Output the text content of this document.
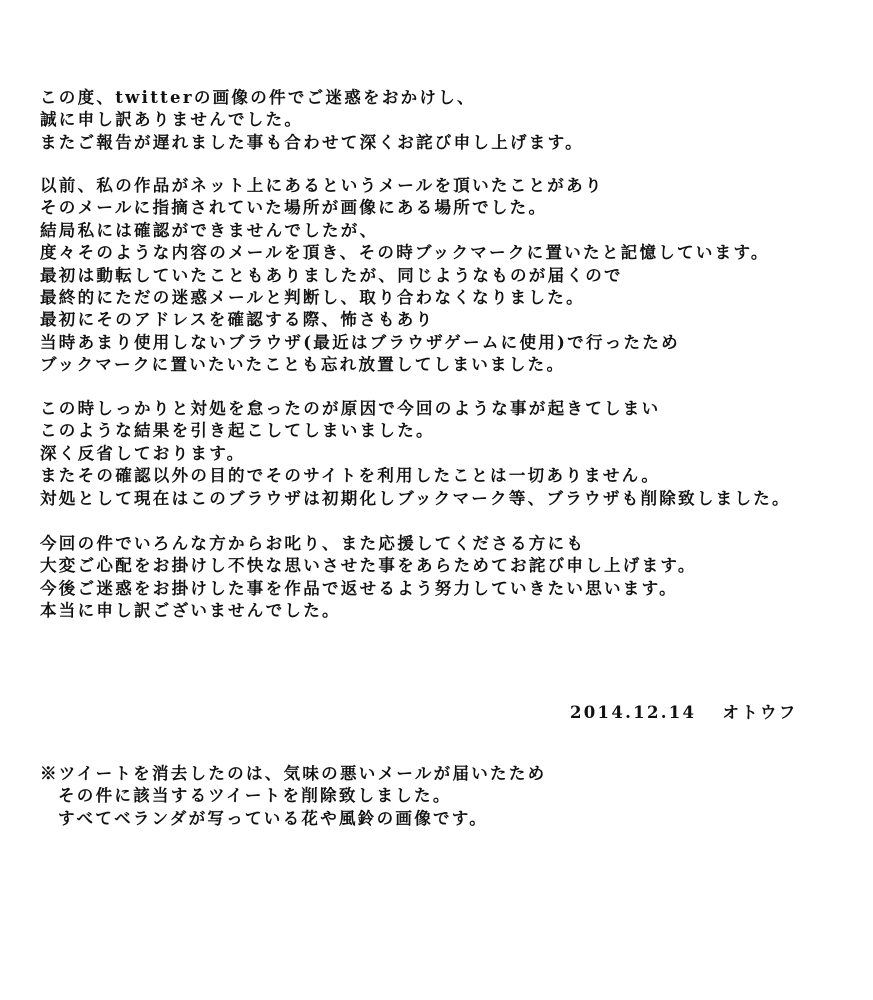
この度、twitterの画像の件でご迷惑をおかけし、
誠に申し訳ありませんでした。
またご報告が遅れました事も合わせて深くお詫び申し上げます。
以前、私の作品がネット上にあるというメールを頂いたことがあり
そのメールに指摘されていた場所が画像にある場所でした。
結局私には確認ができませんでしたが、
度々そのような内容のメールを頂き、その時ブックマークに置いたと記憶しています。
最初は動転していたこともありましたが、同じようなものが届くので
最終的にただの迷惑メールと判断し、取り合わなくなりました。
最初にそのアドレスを確認する際、怖さもあり
当時あまり使用しないブラウザ(最近はブラウザゲームに使用)で行ったため
ブックマークに置いたいたことも忘れ放置してしまいました。
この時しっかりと対処を怠ったのが原因で今回のような事が起きてしまい
このような結果を引き起こしてしまいました。
深く反省しております。
またその確認以外の目的でそのサイトを利用したことは一切ありません。
対処として現在はこのブラウザは初期化しブックマーク等、ブラウザも削除致しました。
今回の件でいろんな方からお叱り、また応援してくださる方にも
大変ご心配をお掛けし不快な思いさせた事をあらためてお詫び申し上げます。
今後ご迷惑をお掛けした事を作品で返せるよう努力していきたい思います。
本当に申し訳ございませんでした。
2014.12.14 オトウフ
※ツイートを消去したのは、気味の悪いメールが届いたため
その件に該当するツイートを削除致しました。
すべてベランダが写っている花や風鈴の画像です。
